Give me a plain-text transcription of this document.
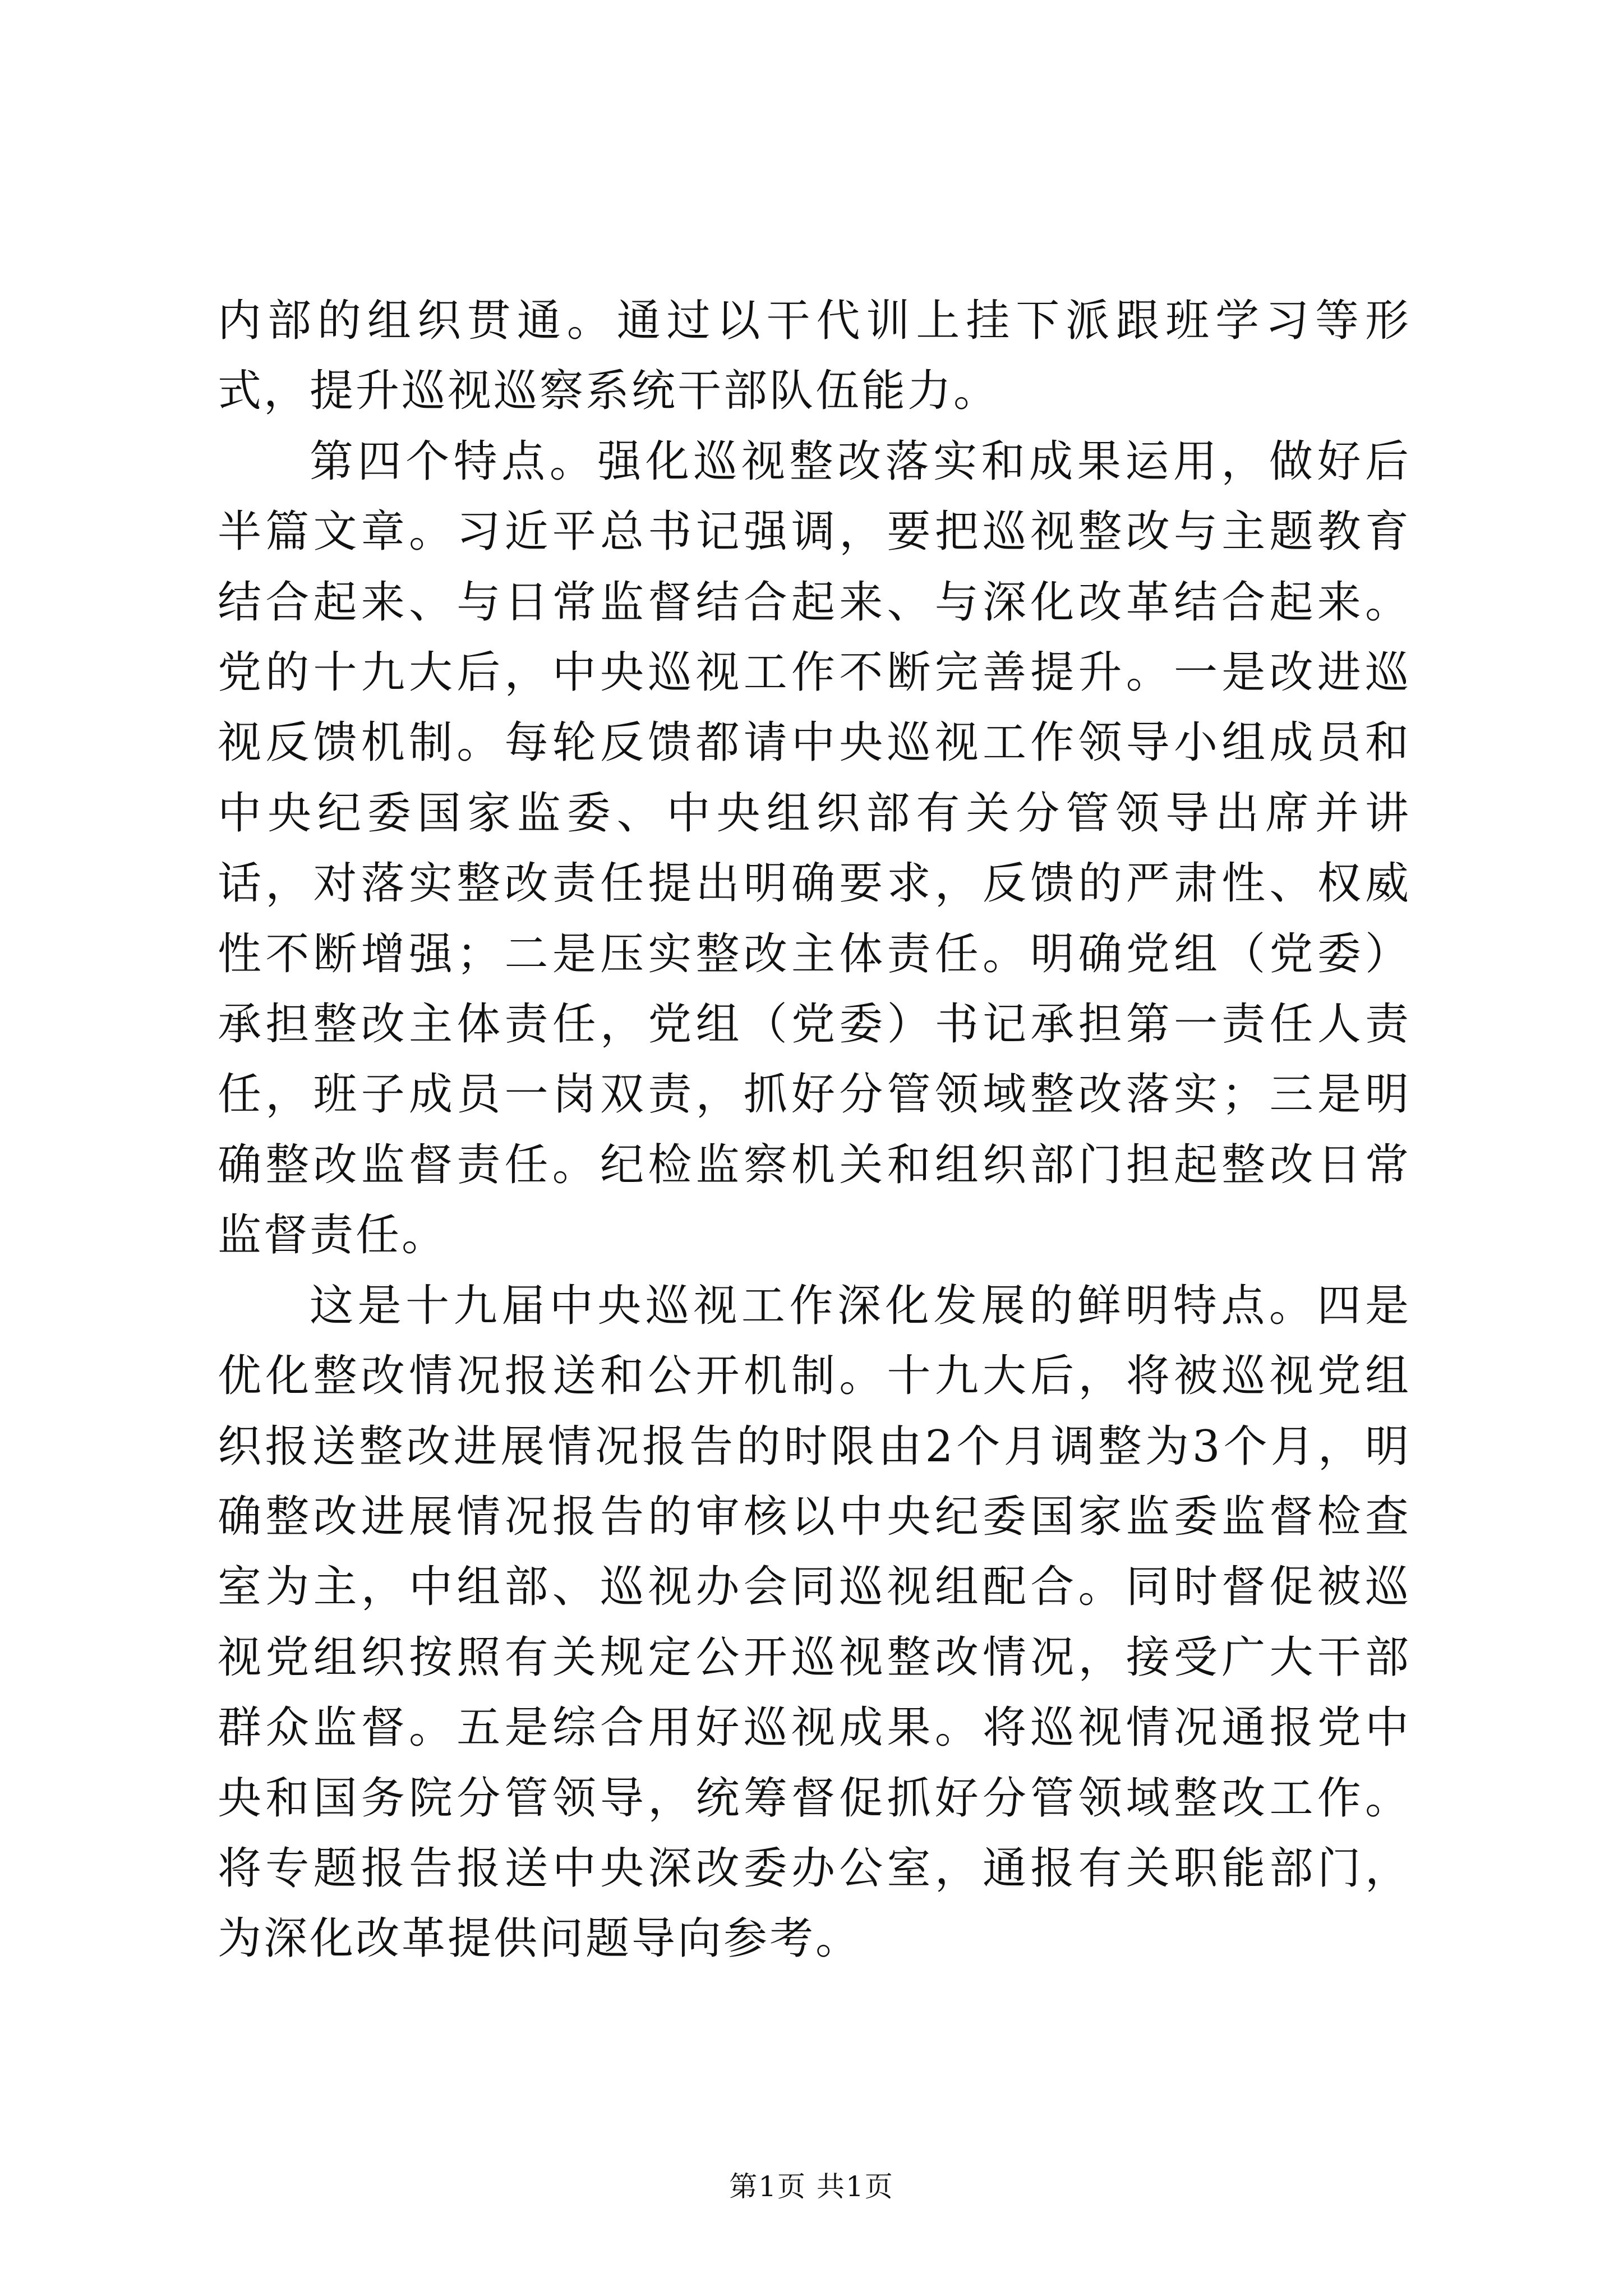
内部的组织贯通。通过以干代训上挂下派跟班学习等形式，提升巡视巡察系统干部队伍能力。

第四个特点。强化巡视整改落实和成果运用，做好后半篇文章。习近平总书记强调，要把巡视整改与主题教育结合起来、与日常监督结合起来、与深化改革结合起来。党的十九大后，中央巡视工作不断完善提升。一是改进巡视反馈机制。每轮反馈都请中央巡视工作领导小组成员和中央纪委国家监委、中央组织部有关分管领导出席并讲话，对落实整改责任提出明确要求，反馈的严肃性、权威性不断增强；二是压实整改主体责任。明确党组（党委）承担整改主体责任，党组（党委）书记承担第一责任人责任，班子成员一岗双责，抓好分管领域整改落实；三是明确整改监督责任。纪检监察机关和组织部门担起整改日常监督责任。

这是十九届中央巡视工作深化发展的鲜明特点。四是优化整改情况报送和公开机制。十九大后，将被巡视党组织报送整改进展情况报告的时限由2个月调整为3个月，明确整改进展情况报告的审核以中央纪委国家监委监督检查室为主，中组部、巡视办会同巡视组配合。同时督促被巡视党组织按照有关规定公开巡视整改情况，接受广大干部群众监督。五是综合用好巡视成果。将巡视情况通报党中央和国务院分管领导，统筹督促抓好分管领域整改工作。将专题报告报送中央深改委办公室，通报有关职能部门，为深化改革提供问题导向参考。

第1页 共1页
